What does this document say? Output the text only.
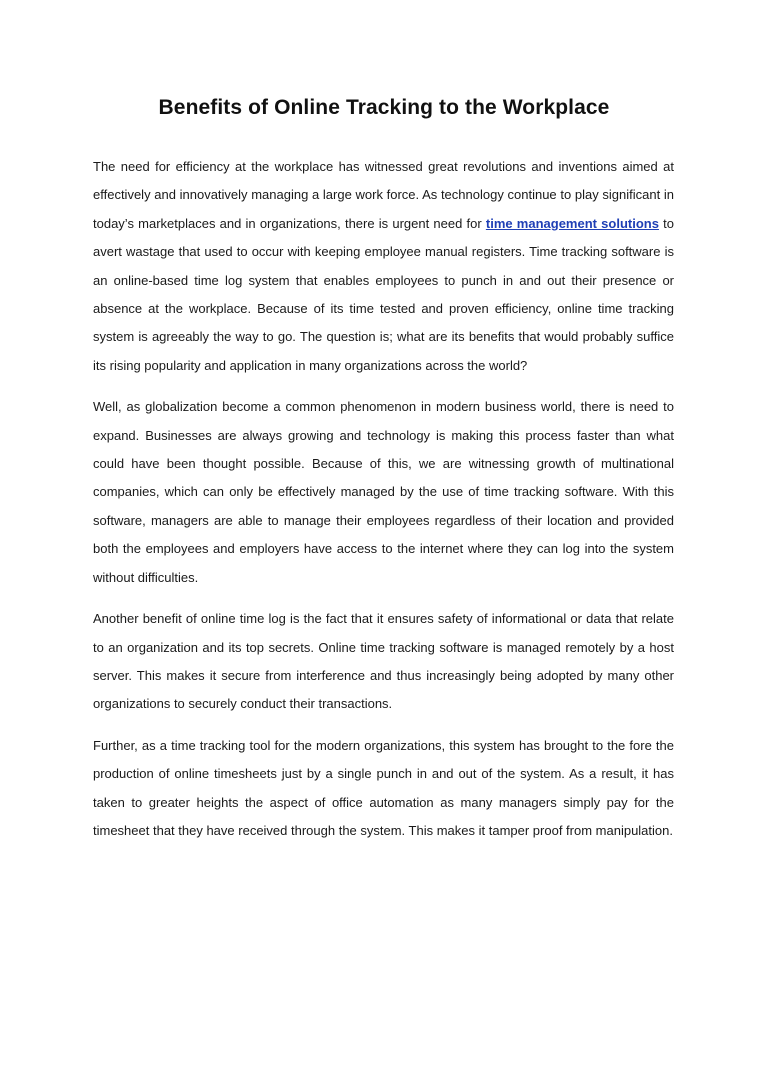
Benefits of Online Tracking to the Workplace

The need for efficiency at the workplace has witnessed great revolutions and inventions aimed at effectively and innovatively managing a large work force. As technology continue to play significant in today’s marketplaces and in organizations, there is urgent need for time management solutions to avert wastage that used to occur with keeping employee manual registers. Time tracking software is an online-based time log system that enables employees to punch in and out their presence or absence at the workplace. Because of its time tested and proven efficiency, online time tracking system is agreeably the way to go. The question is; what are its benefits that would probably suffice its rising popularity and application in many organizations across the world?

Well, as globalization become a common phenomenon in modern business world, there is need to expand. Businesses are always growing and technology is making this process faster than what could have been thought possible. Because of this, we are witnessing growth of multinational companies, which can only be effectively managed by the use of time tracking software. With this software, managers are able to manage their employees regardless of their location and provided both the employees and employers have access to the internet where they can log into the system without difficulties.

Another benefit of online time log is the fact that it ensures safety of informational or data that relate to an organization and its top secrets. Online time tracking software is managed remotely by a host server. This makes it secure from interference and thus increasingly being adopted by many other organizations to securely conduct their transactions.

Further, as a time tracking tool for the modern organizations, this system has brought to the fore the production of online timesheets just by a single punch in and out of the system. As a result, it has taken to greater heights the aspect of office automation as many managers simply pay for the timesheet that they have received through the system. This makes it tamper proof from manipulation.
